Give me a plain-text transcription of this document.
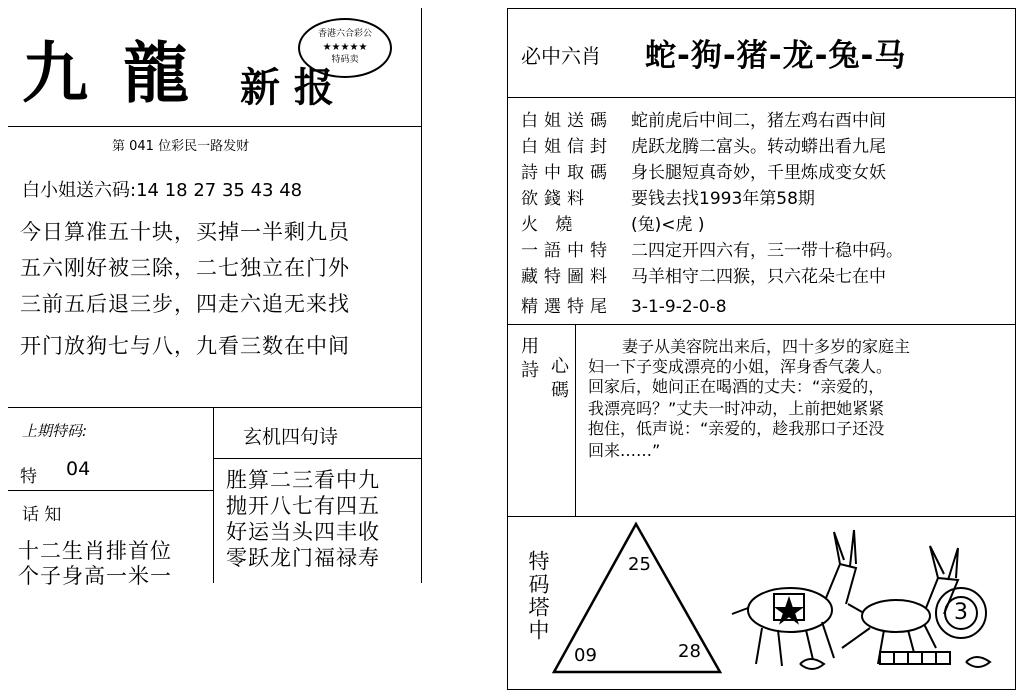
九 龍 新 报
香港六合彩公
★★★★★
特码卖
第 041 位彩民一路发财
白小姐送六码:14 18 27 35 43 48
今日算准五十块，买掉一半剩九员
五六刚好被三除，二七独立在门外
三前五后退三步，四走六追无来找
开门放狗七与八，九看三数在中间
上期特码:
特 04
话 知
十二生肖排首位
个子身高一米一
玄机四句诗
胜算二三看中九
抛开八七有四五
好运当头四丰收
零跃龙门福禄寿
必中六肖 蛇-狗-猪-龙-兔-马
白姐送碼 蛇前虎后中间二，猪左鸡右酉中间
白姐信封 虎跃龙腾二富头。转动蟒出看九尾
詩中取碼 身长腿短真奇妙，千里炼成变女妖
欲錢料 要钱去找1993年第58期
火 燒	(兔)<虎 )
一語中特 二四定开四六有，三一带十稳中码。
藏特圖料 马羊相守二四猴，只六花朵七在中
精選特尾 3-1-9-2-0-8
用詩 心碼
妻子从美容院出来后，四十多岁的家庭主
妇一下子变成漂亮的小姐，浑身香气袭人。
回家后，她问正在喝酒的丈夫：“亲爱的，
我漂亮吗？”丈夫一时冲动，上前把她紧紧
抱住，低声说：“亲爱的，趁我那口子还没
回来……”
特码塔中	25
09	28
3
